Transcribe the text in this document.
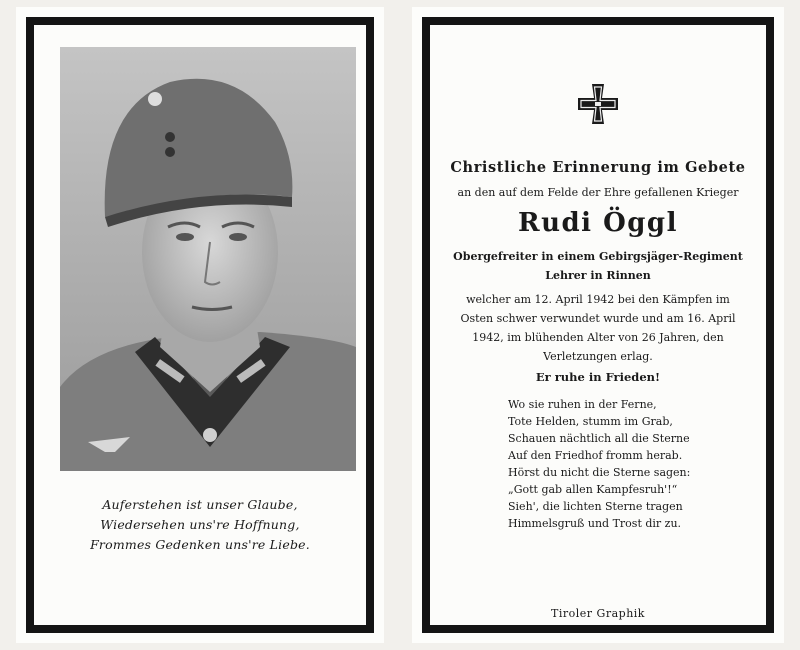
Auferstehen ist unser Glaube,
Wiedersehen uns're Hoffnung,
Frommes Gedenken uns're Liebe.
Christliche Erinnerung im Gebete
an den auf dem Felde der Ehre gefallenen Krieger
Rudi Öggl
Obergefreiter in einem Gebirgsjäger-Regiment
Lehrer in Rinnen
welcher am 12. April 1942 bei den Kämpfen im
Osten schwer verwundet wurde und am 16. April
1942, im blühenden Alter von 26 Jahren, den
Verletzungen erlag.
Er ruhe in Frieden!
Wo sie ruhen in der Ferne,
Tote Helden, stumm im Grab,
Schauen nächtlich all die Sterne
Auf den Friedhof fromm herab.
Hörst du nicht die Sterne sagen:
„Gott gab allen Kampfesruh'!“
Sieh', die lichten Sterne tragen
Himmelsgruß und Trost dir zu.
Tiroler Graphik
